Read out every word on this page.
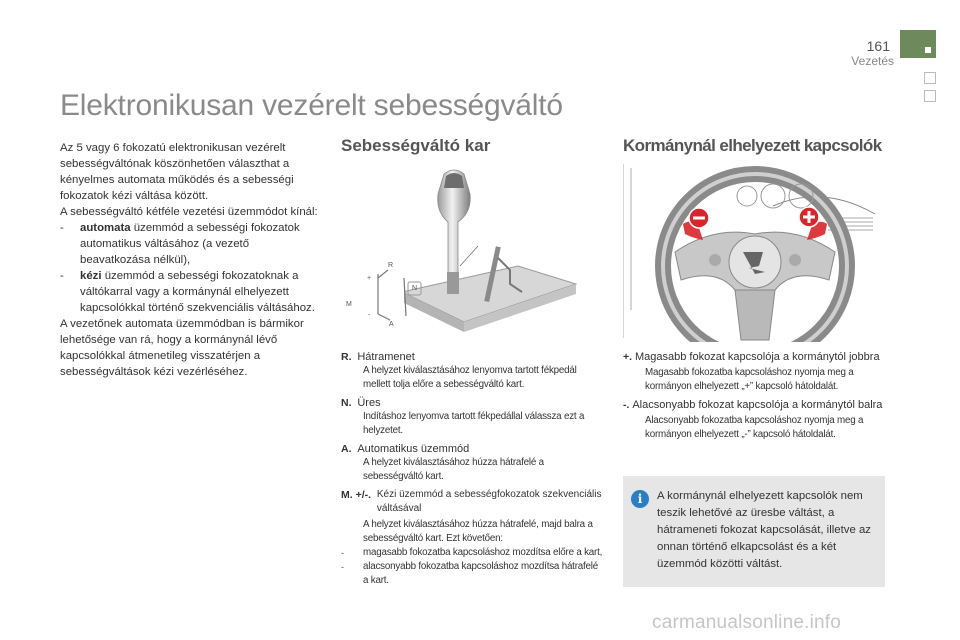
161
Vezetés
Elektronikusan vezérelt sebességváltó

Az 5 vagy 6 fokozatú elektronikusan vezérelt sebességváltónak köszönhetően választhat a kényelmes automata működés és a sebességi fokozatok kézi váltása között.

A sebességváltó kétféle vezetési üzemmódot kínál:

-	automata üzemmód a sebességi fokozatok automatikus váltásához (a vezető beavatkozása nélkül),
-	kézi üzemmód a sebességi fokozatoknak a váltókarral vagy a kormánynál elhelyezett kapcsolókkal történő szekvenciális váltásához.

A vezetőnek automata üzemmódban is bármikor lehetősége van rá, hogy a kormánynál lévő kapcsolókkal átmenetileg visszatérjen a sebességváltások kézi vezérléséhez.

Sebességváltó kar
R
A
M
+
-
N
R.
Hátramenet
A helyzet kiválasztásához lenyomva tartott fékpedál mellett tolja előre a sebességváltó kart.
N.
Üres
Indításhoz lenyomva tartott fékpedállal válassza ezt a helyzetet.
A.
Automatikus üzemmód
A helyzet kiválasztásához húzza hátrafelé a sebességváltó kart.
M. +/-.
Kézi üzemmód a sebességfokozatok szekvenciális váltásával
A helyzet kiválasztásához húzza hátrafelé, majd balra a sebességváltó kart. Ezt követően:
-	magasabb fokozatba kapcsoláshoz mozdítsa előre a kart,
-	alacsonyabb fokozatba kapcsoláshoz mozdítsa hátrafelé a kart.
Kormánynál elhelyezett kapcsolók
+.
Magasabb fokozat kapcsolója a kormánytól jobbra
Magasabb fokozatba kapcsoláshoz nyomja meg a kormányon elhelyezett „+” kapcsoló hátoldalát.
-.
Alacsonyabb fokozat kapcsolója a kormánytól balra
Alacsonyabb fokozatba kapcsoláshoz nyomja meg a kormányon elhelyezett „-” kapcsoló hátoldalát.
i	A kormánynál elhelyezett kapcsolók nem teszik lehetővé az üresbe váltást, a hátrameneti fokozat kapcsolását, illetve az onnan történő elkapcsolást és a két üzemmód közötti váltást.
carmanualsonline.info
